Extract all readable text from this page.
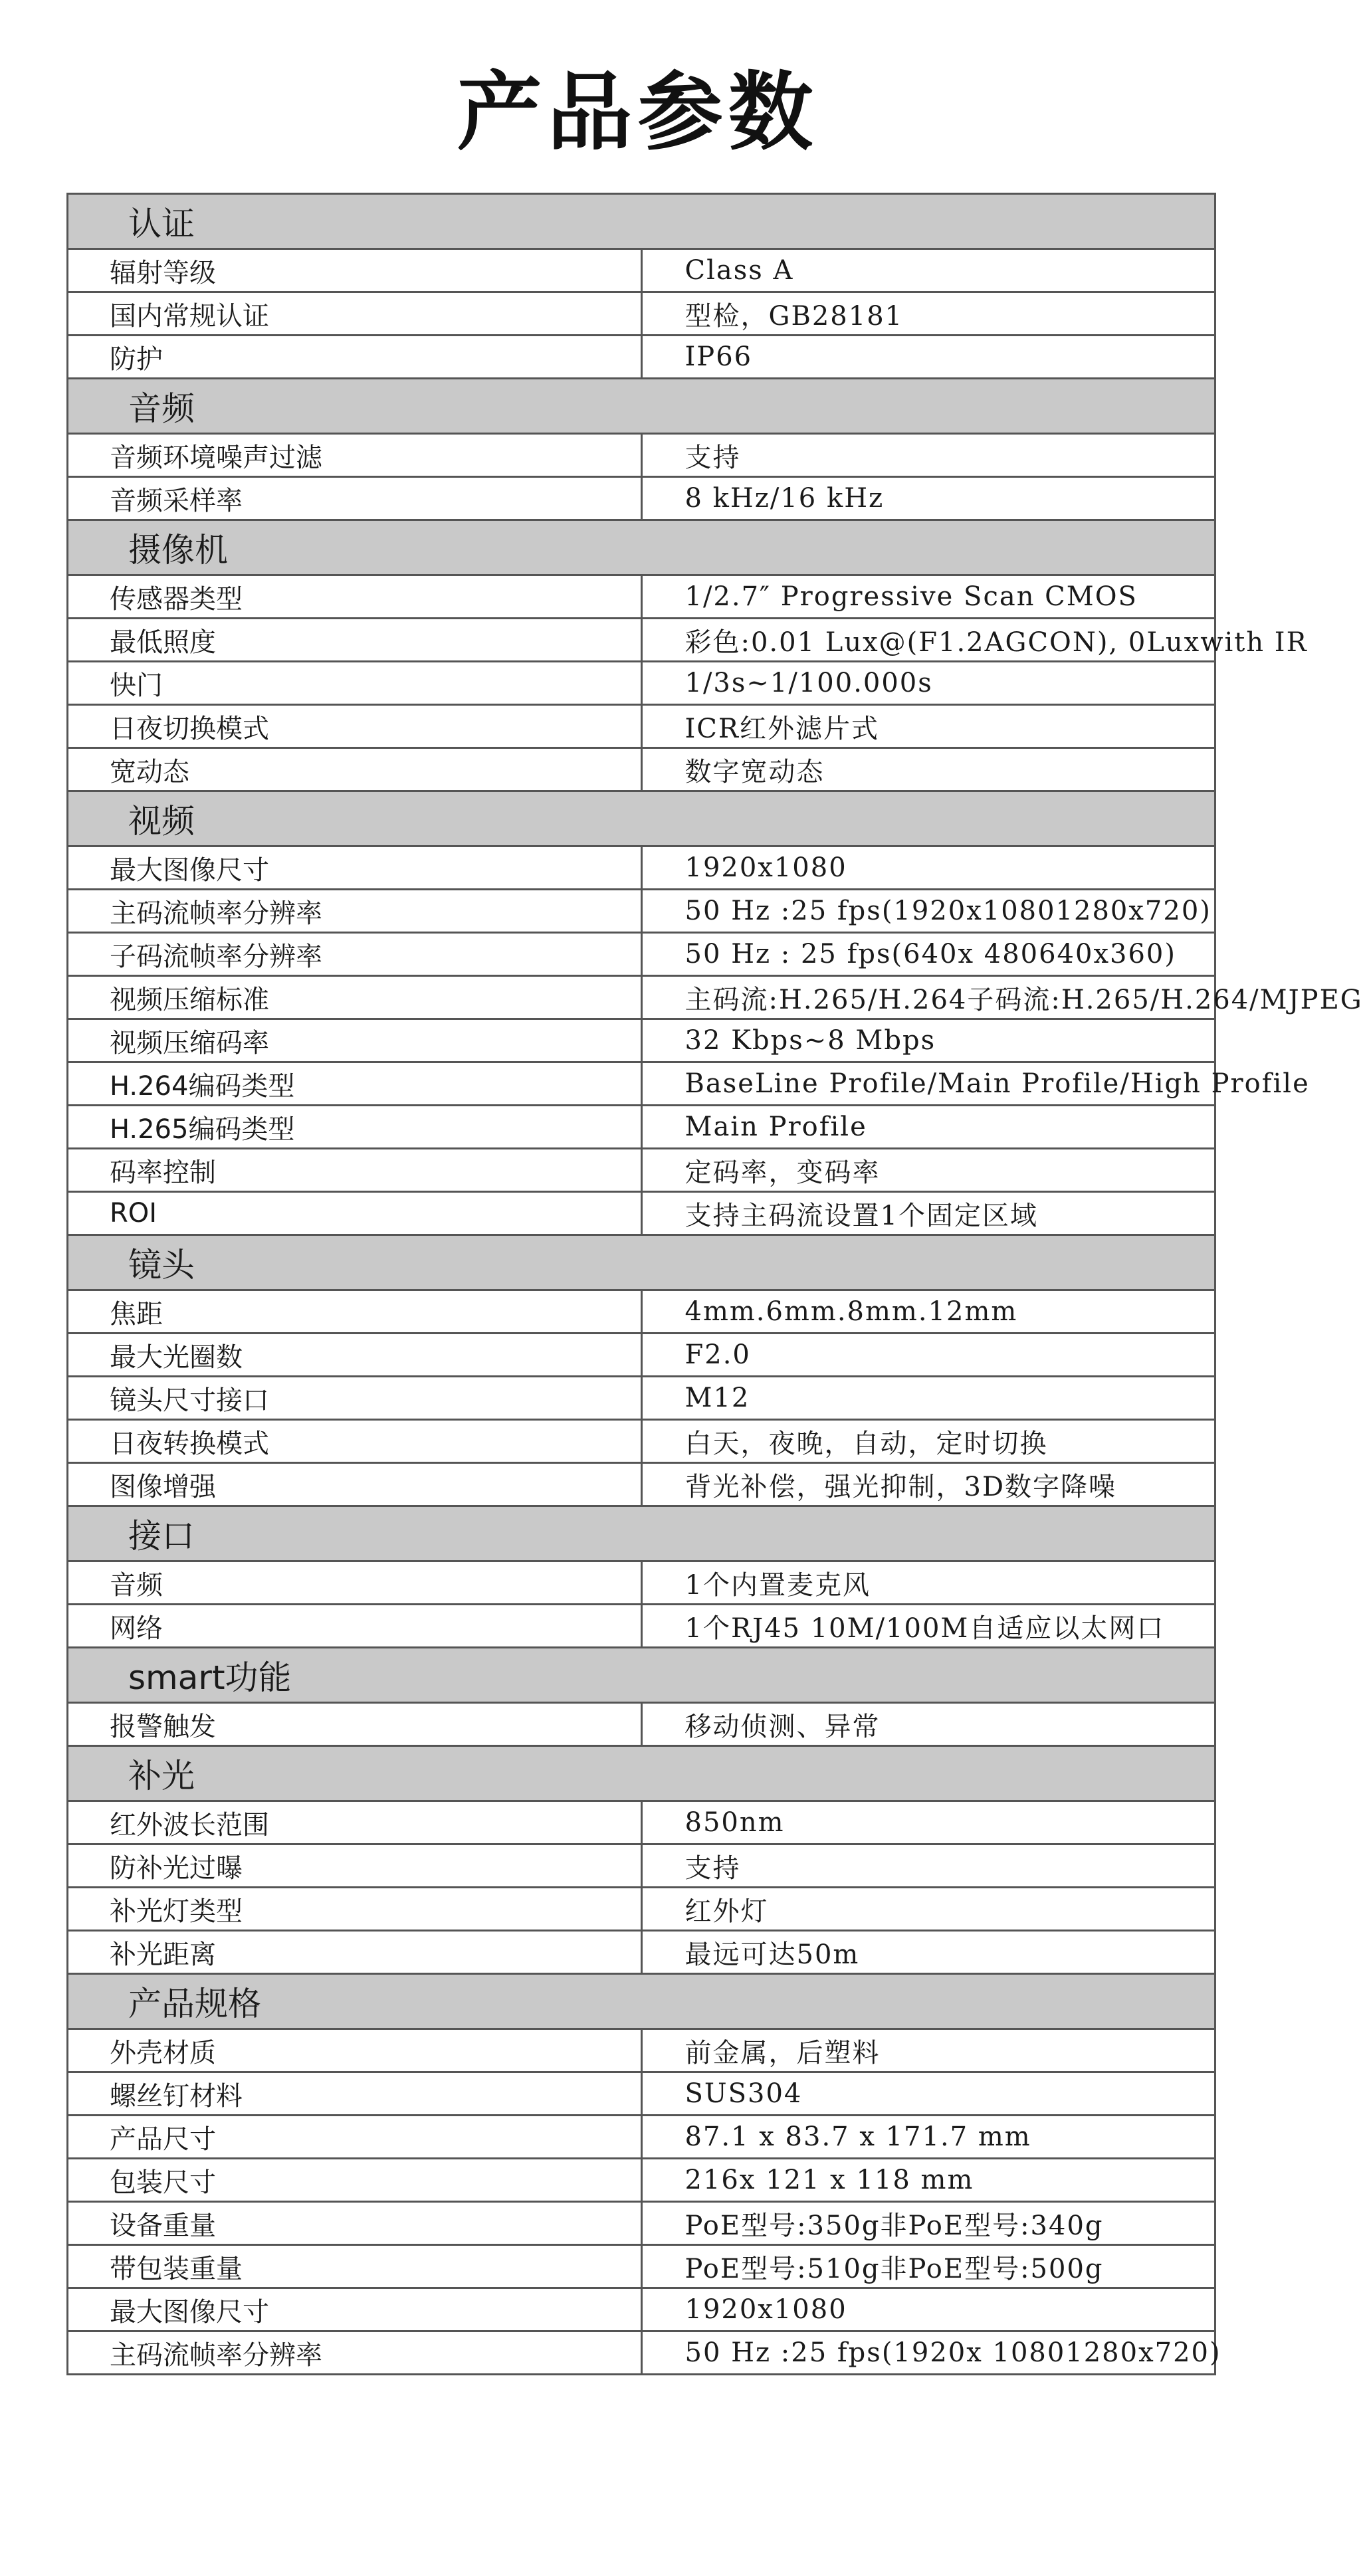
产品参数
认证	
辐射等级	Class A
国内常规认证	型检，GB28181
防护	IP66
音频	
音频环境噪声过滤	支持
音频采样率	8 kHz/16 kHz
摄像机	
传感器类型	1/2.7″ Progressive Scan CMOS
最低照度	彩色:0.01 Lux@(F1.2AGCON), 0Luxwith IR
快门	1/3s~1/100.000s
日夜切换模式	ICR红外滤片式
宽动态	数字宽动态
视频	
最大图像尺寸	1920x1080
主码流帧率分辨率	50 Hz :25 fps(1920x10801280x720)
子码流帧率分辨率	50 Hz : 25 fps(640x 480640x360)
视频压缩标准	主码流:H.265/H.264子码流:H.265/H.264/MJPEG
视频压缩码率	32 Kbps~8 Mbps
H.264编码类型	BaseLine Profile/Main Profile/High Profile
H.265编码类型	Main Profile
码率控制	定码率，变码率
ROI	支持主码流设置1个固定区域
镜头	
焦距	4mm.6mm.8mm.12mm
最大光圈数	F2.0
镜头尺寸接口	M12
日夜转换模式	白天，夜晚，自动，定时切换
图像增强	背光补偿，强光抑制，3D数字降噪
接口	
音频	1个内置麦克风
网络	1个RJ45 10M/100M自适应以太网口
smart功能	
报警触发	移动侦测、异常
补光	
红外波长范围	850nm
防补光过曝	支持
补光灯类型	红外灯
补光距离	最远可达50m
产品规格	
外壳材质	前金属，后塑料
螺丝钉材料	SUS304
产品尺寸	87.1 x 83.7 x 171.7 mm
包装尺寸	216x 121 x 118 mm
设备重量	PoE型号:350g非PoE型号:340g
带包装重量	PoE型号:510g非PoE型号:500g
最大图像尺寸	1920x1080
主码流帧率分辨率	50 Hz :25 fps(1920x 10801280x720)
